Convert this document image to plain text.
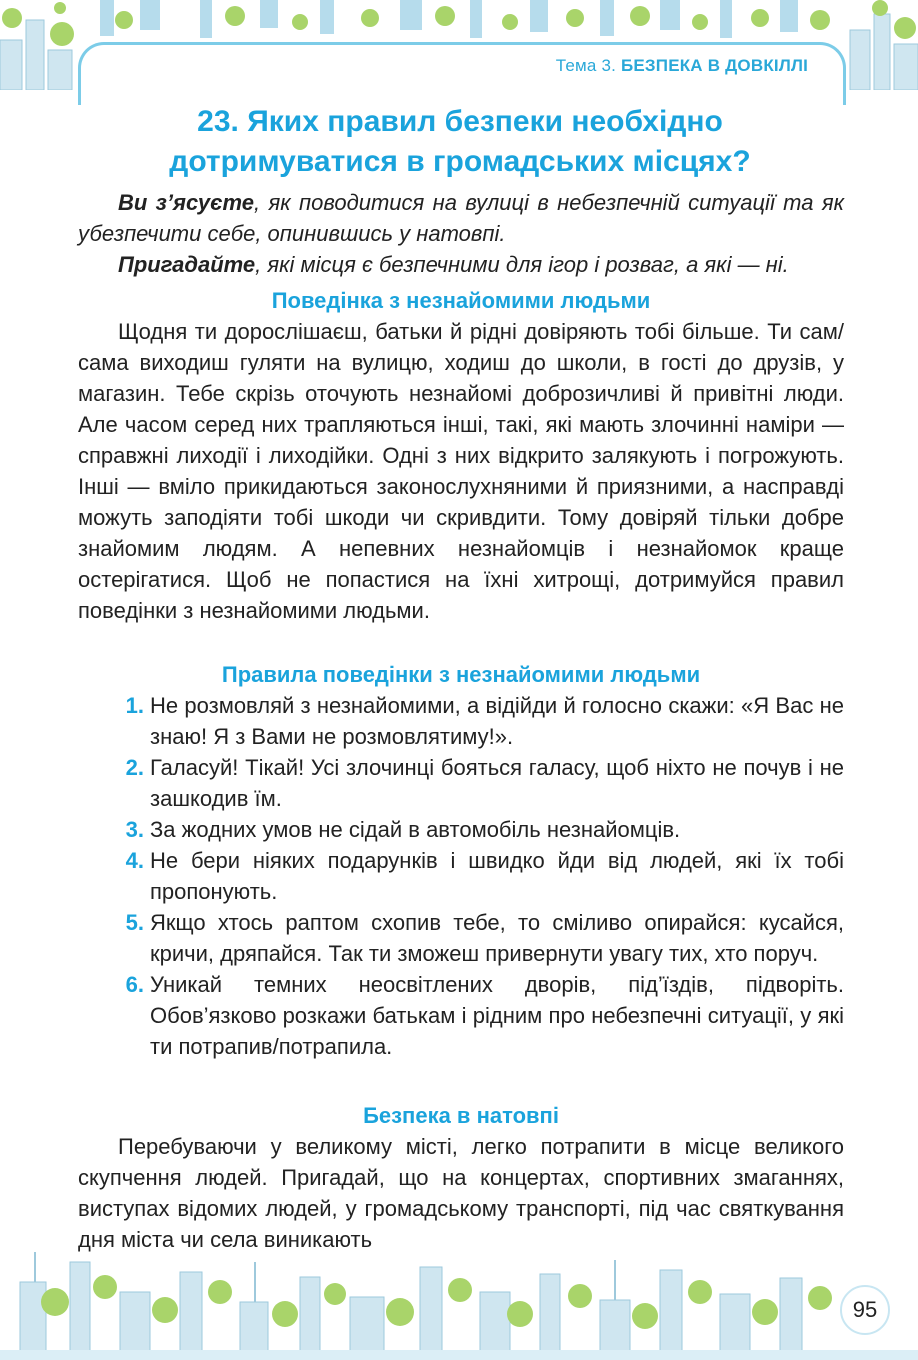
Тема 3. БЕЗПЕКА В ДОВКІЛЛІ
23. Яких правил безпеки необхідно
дотримуватися в громадських місцях?

Ви з’ясуєте, як поводитися на вулиці в небезпечній ситуації та як убезпечити себе, опинившись у натовпі.

Пригадайте, які місця є безпечними для ігор і розваг, а які — ні.

Поведінка з незнайомими людьми

Щодня ти дорослішаєш, батьки й рідні довіряють тобі більше. Ти сам/сама виходиш гуляти на вулицю, ходиш до школи, в гості до друзів, у магазин. Тебе скрізь оточують незнайомі доброзичливі й привітні люди. Але часом серед них трапляються інші, такі, які мають злочинні наміри — справжні лиходії і лиходійки. Одні з них відкрито залякують і погрожують. Інші — вміло прикидаються законослухняними й приязними, а насправді можуть заподіяти тобі шкоди чи скривдити. Тому довіряй тільки добре знайомим людям. А непевних незнайомців і незнайомок краще остерігатися. Щоб не попастися на їхні хитрощі, дотримуйся правил поведінки з незнайомими людьми.

Правила поведінки з незнайомими людьми

1. Не розмовляй з незнайомими, а відійди й голосно скажи: «Я Вас не знаю! Я з Вами не розмовлятиму!».
2. Галасуй! Тікай! Усі злочинці бояться галасу, щоб ніхто не почув і не зашкодив їм.
3. За жодних умов не сідай в автомобіль незнайомців.
4. Не бери ніяких подарунків і швидко йди від людей, які їх тобі пропонують.
5. Якщо хтось раптом схопив тебе, то сміливо опирайся: кусайся, кричи, дряпайся. Так ти зможеш привернути увагу тих, хто поруч.
6. Уникай темних неосвітлених дворів, під’їздів, підворіть. Обов’язково розкажи батькам і рідним про небезпечні ситуації, у які ти потрапив/потрапила.

Безпека в натовпі

Перебуваючи у великому місті, легко потрапити в місце великого скупчення людей. Пригадай, що на концертах, спортивних змаганнях, виступах відомих людей, у громадському транспорті, під час святкування дня міста чи села виникають

95
